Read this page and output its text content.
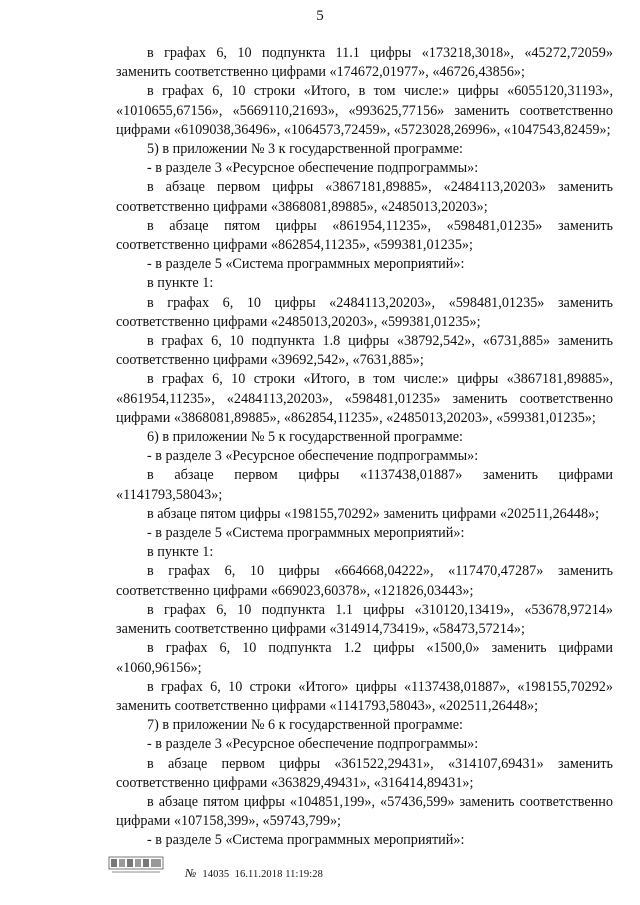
5

в графах 6, 10 подпункта 11.1 цифры «173218,3018», «45272,72059» заменить соответственно цифрами «174672,01977», «46726,43856»;

в графах 6, 10 строки «Итого, в том числе:» цифры «6055120,31193», «1010655,67156», «5669110,21693», «993625,77156» заменить соответственно цифрами «6109038,36496», «1064573,72459», «5723028,26996», «1047543,82459»;

5) в приложении № 3 к государственной программе:

- в разделе 3 «Ресурсное обеспечение подпрограммы»:

в абзаце первом цифры «3867181,89885», «2484113,20203» заменить соответственно цифрами «3868081,89885», «2485013,20203»;

в абзаце пятом цифры «861954,11235», «598481,01235» заменить соответственно цифрами «862854,11235», «599381,01235»;

- в разделе 5 «Система программных мероприятий»:

в пункте 1:

в графах 6, 10 цифры «2484113,20203», «598481,01235» заменить соответственно цифрами «2485013,20203», «599381,01235»;

в графах 6, 10 подпункта 1.8 цифры «38792,542», «6731,885» заменить соответственно цифрами «39692,542», «7631,885»;

в графах 6, 10 строки «Итого, в том числе:» цифры «3867181,89885», «861954,11235», «2484113,20203», «598481,01235» заменить соответственно цифрами «3868081,89885», «862854,11235», «2485013,20203», «599381,01235»;

6) в приложении № 5 к государственной программе:

- в разделе 3 «Ресурсное обеспечение подпрограммы»:

в абзаце первом цифры «1137438,01887» заменить цифрами «1141793,58043»;

в абзаце пятом цифры «198155,70292» заменить цифрами «202511,26448»;

- в разделе 5 «Система программных мероприятий»:

в пункте 1:

в графах 6, 10 цифры «664668,04222», «117470,47287» заменить соответственно цифрами «669023,60378», «121826,03443»;

в графах 6, 10 подпункта 1.1 цифры «310120,13419», «53678,97214» заменить соответственно цифрами «314914,73419», «58473,57214»;

в графах 6, 10 подпункта 1.2 цифры «1500,0» заменить цифрами «1060,96156»;

в графах 6, 10 строки «Итого» цифры «1137438,01887», «198155,70292» заменить соответственно цифрами «1141793,58043», «202511,26448»;

7) в приложении № 6 к государственной программе:

- в разделе 3 «Ресурсное обеспечение подпрограммы»:

в абзаце первом цифры «361522,29431», «314107,69431» заменить соответственно цифрами «363829,49431», «316414,89431»;

в абзаце пятом цифры «104851,199», «57436,599» заменить соответственно цифрами «107158,399», «59743,799»;

- в разделе 5 «Система программных мероприятий»:

№ 14035 16.11.2018 11:19:28
